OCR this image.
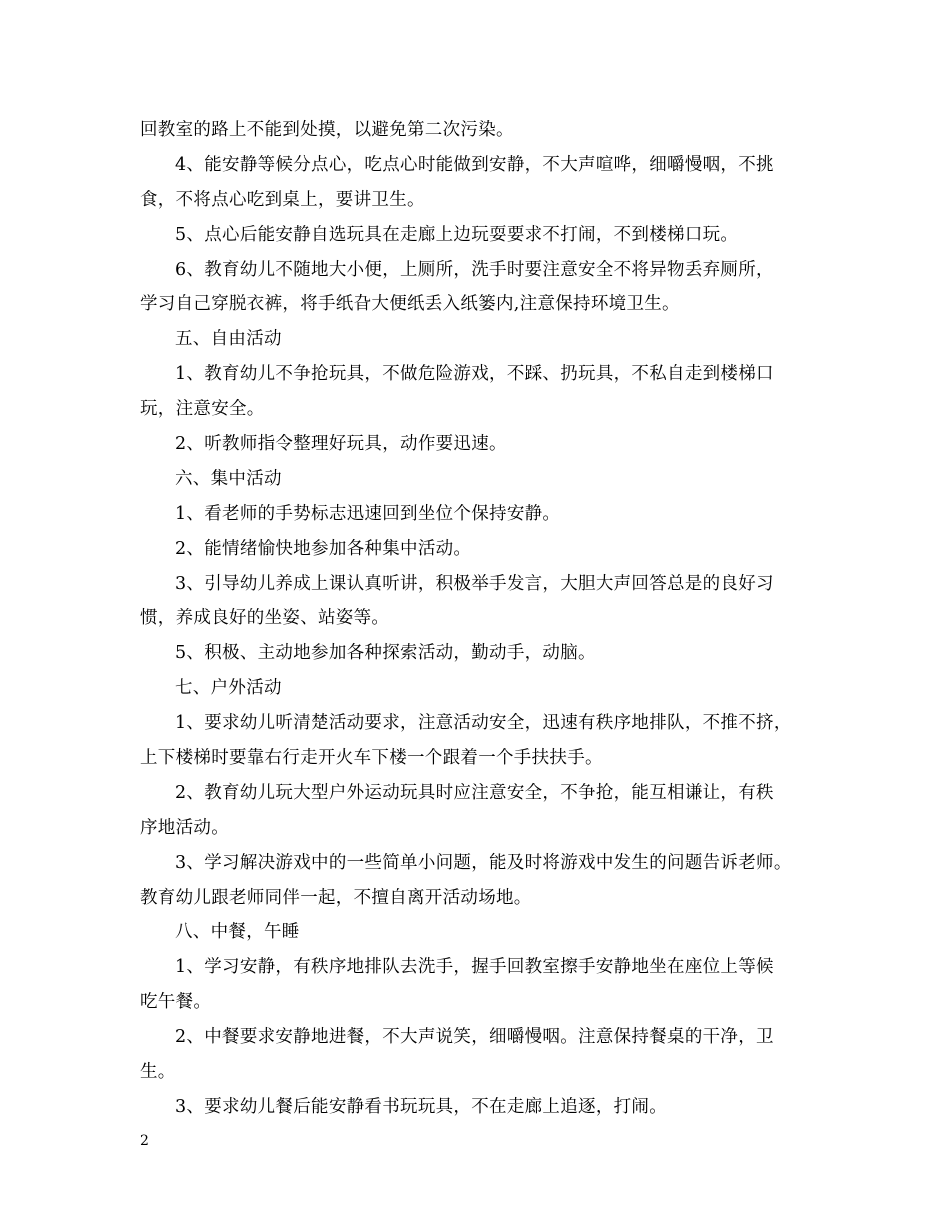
回教室的路上不能到处摸，以避免第二次污染。
4、能安静等候分点心，吃点心时能做到安静，不大声喧哗，细嚼慢咽，不挑
食，不将点心吃到桌上，要讲卫生。
5、点心后能安静自选玩具在走廊上边玩耍要求不打闹，不到楼梯口玩。
6、教育幼儿不随地大小便，上厕所，洗手时要注意安全不将异物丢弃厕所，
学习自己穿脱衣裤，将手纸旮大便纸丢入纸篓内,注意保持环境卫生。
五、自由活动
1、教育幼儿不争抢玩具，不做危险游戏，不踩、扔玩具，不私自走到楼梯口
玩，注意安全。
2、听教师指令整理好玩具，动作要迅速。
六、集中活动
1、看老师的手势标志迅速回到坐位个保持安静。
2、能情绪愉快地参加各种集中活动。
3、引导幼儿养成上课认真听讲，积极举手发言，大胆大声回答总是的良好习
惯，养成良好的坐姿、站姿等。
5、积极、主动地参加各种探索活动，勤动手，动脑。
七、户外活动
1、要求幼儿听清楚活动要求，注意活动安全，迅速有秩序地排队，不推不挤，
上下楼梯时要靠右行走开火车下楼一个跟着一个手扶扶手。
2、教育幼儿玩大型户外运动玩具时应注意安全，不争抢，能互相谦让，有秩
序地活动。
3、学习解决游戏中的一些简单小问题，能及时将游戏中发生的问题告诉老师。
教育幼儿跟老师同伴一起，不擅自离开活动场地。
八、中餐，午睡
1、学习安静，有秩序地排队去洗手，握手回教室擦手安静地坐在座位上等候
吃午餐。
2、中餐要求安静地进餐，不大声说笑，细嚼慢咽。注意保持餐桌的干净，卫
生。
3、要求幼儿餐后能安静看书玩玩具，不在走廊上追逐，打闹。
2
